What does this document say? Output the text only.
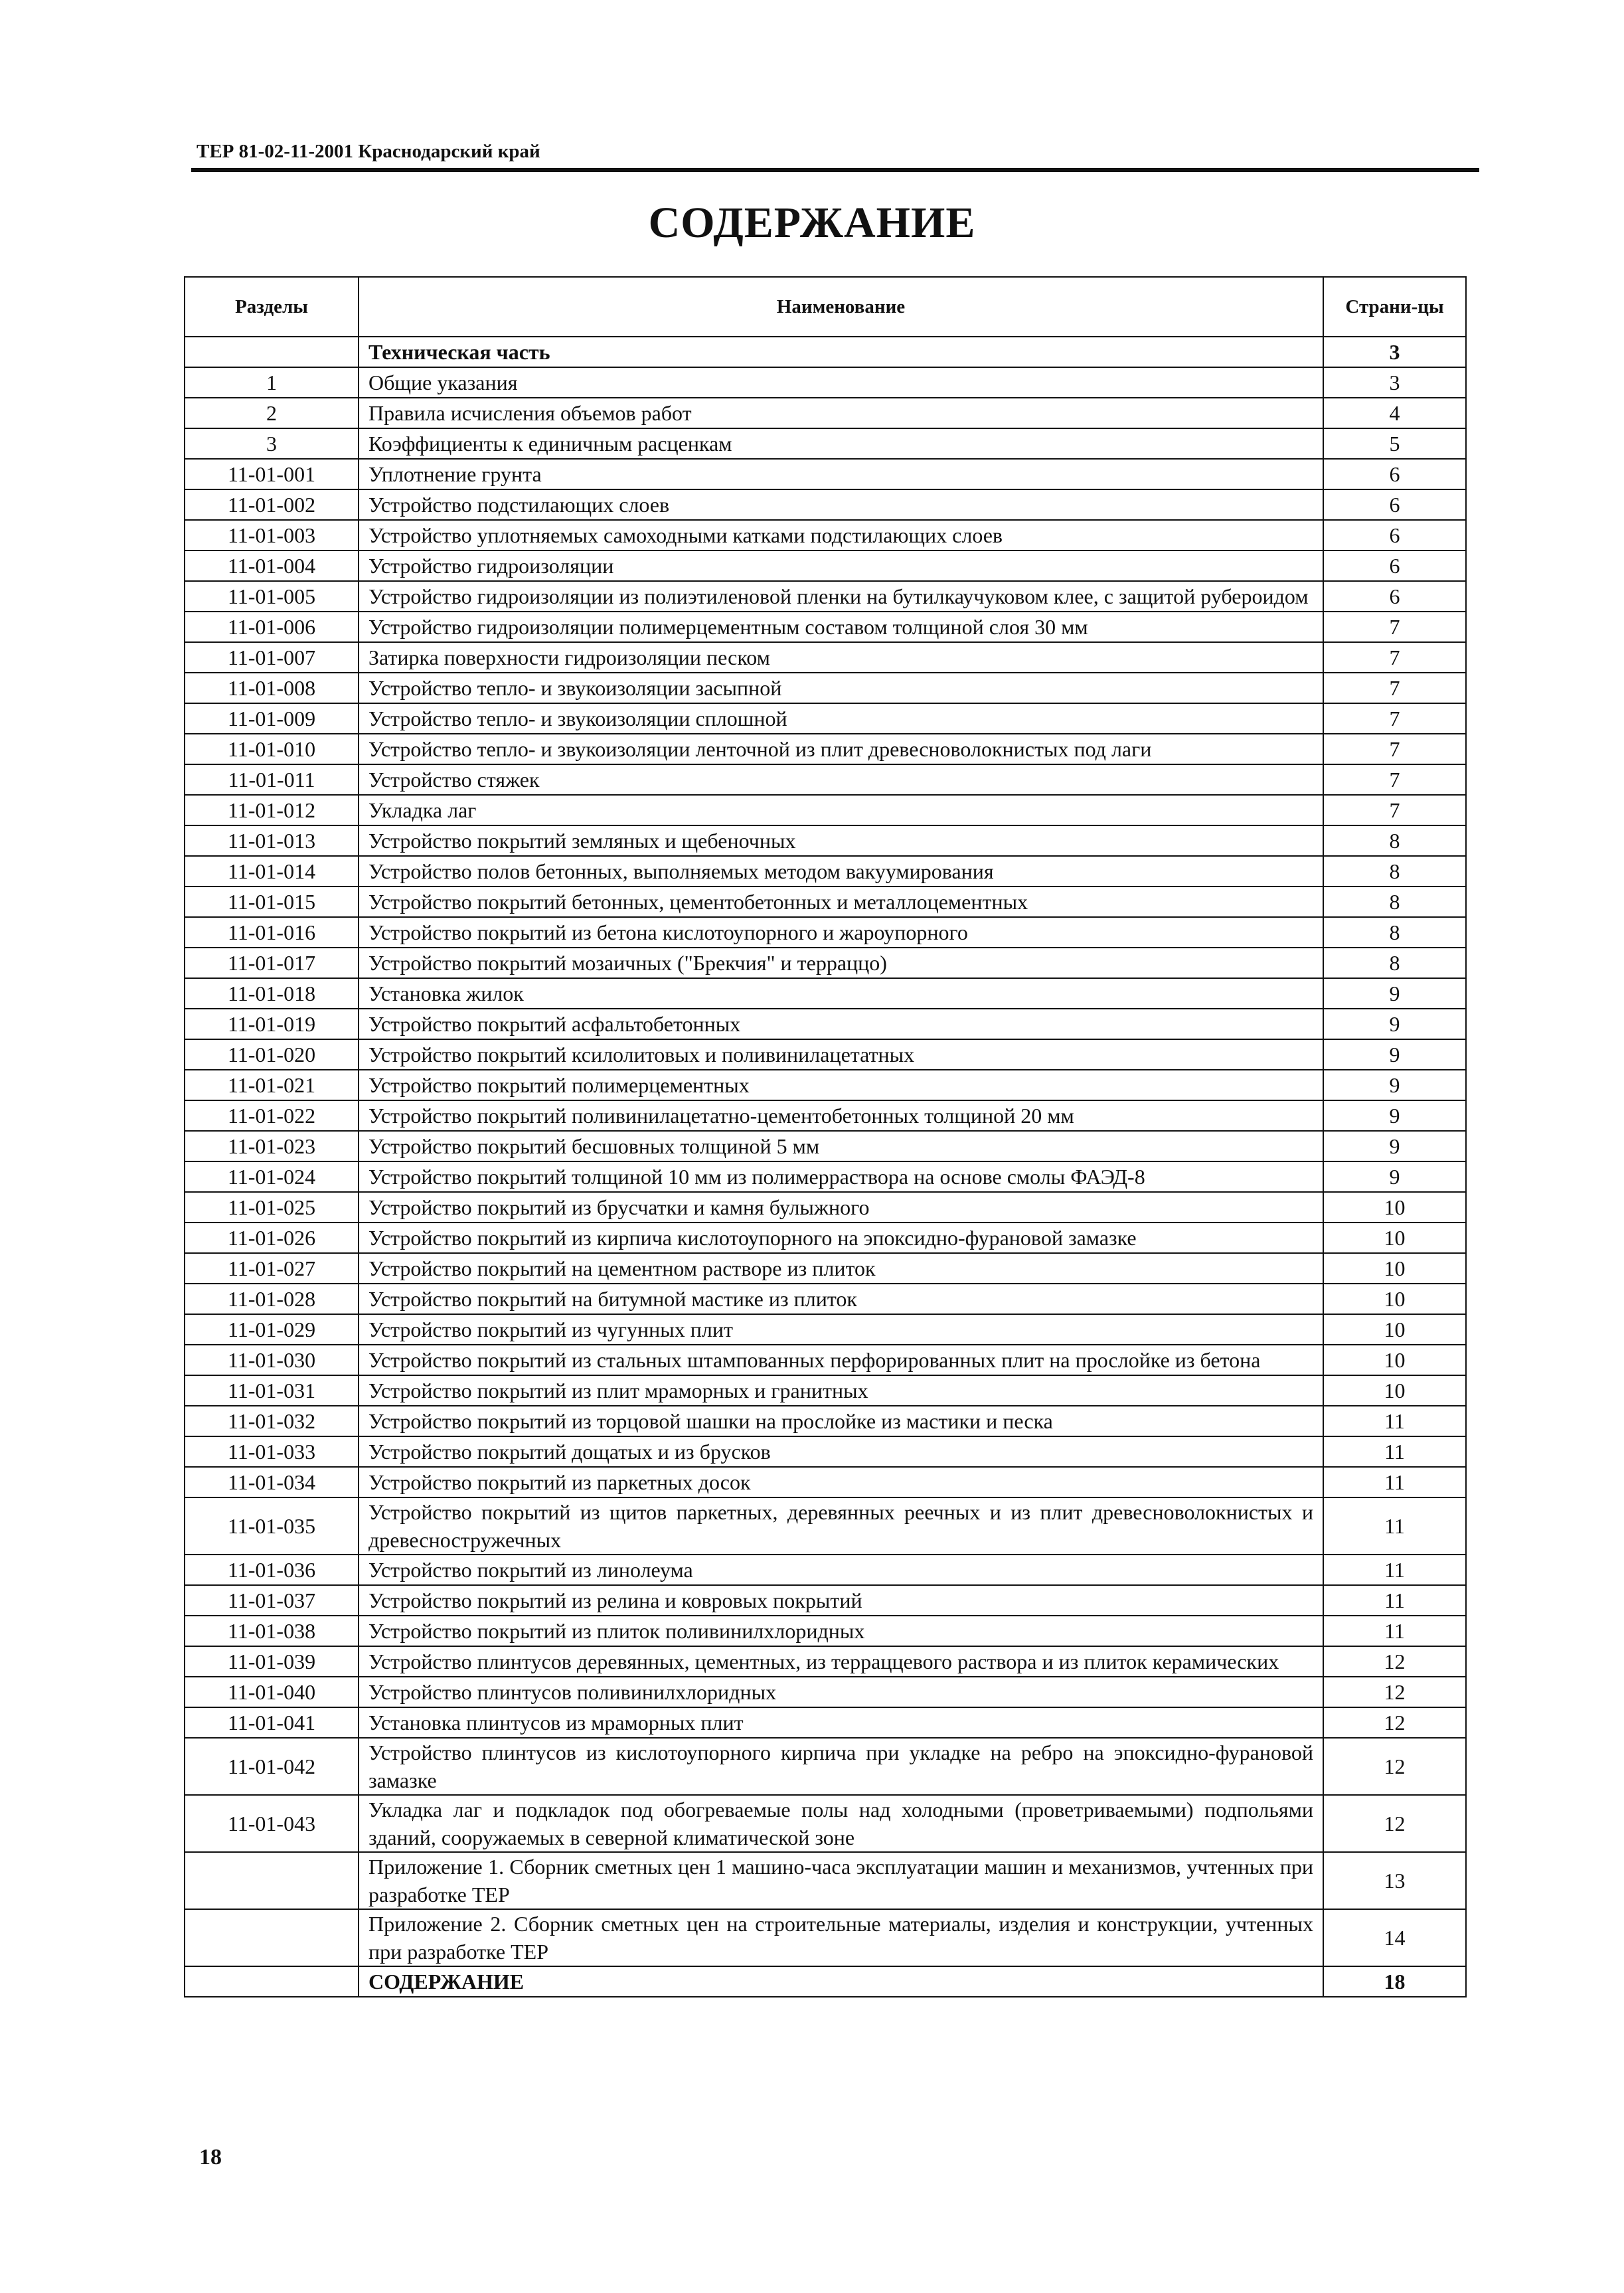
ТЕР 81-02-11-2001 Краснодарский край
СОДЕРЖАНИЕ
Разделы	Наименование	Страни-цы
	Техническая часть	3
1	Общие указания	3
2	Правила исчисления объемов работ	4
3	Коэффициенты к единичным расценкам	5
11-01-001	Уплотнение грунта	6
11-01-002	Устройство подстилающих слоев	6
11-01-003	Устройство уплотняемых самоходными катками подстилающих слоев	6
11-01-004	Устройство гидроизоляции	6
11-01-005	Устройство гидроизоляции из полиэтиленовой пленки на бутилкаучуковом клее, с защитой рубероидом	6
11-01-006	Устройство гидроизоляции полимерцементным составом толщиной слоя 30 мм	7
11-01-007	Затирка поверхности гидроизоляции песком	7
11-01-008	Устройство тепло- и звукоизоляции засыпной	7
11-01-009	Устройство тепло- и звукоизоляции сплошной	7
11-01-010	Устройство тепло- и звукоизоляции ленточной из плит древесноволокнистых под лаги	7
11-01-011	Устройство стяжек	7
11-01-012	Укладка лаг	7
11-01-013	Устройство покрытий земляных и щебеночных	8
11-01-014	Устройство полов бетонных, выполняемых методом вакуумирования	8
11-01-015	Устройство покрытий бетонных, цементобетонных и металлоцементных	8
11-01-016	Устройство покрытий из бетона кислотоупорного и жароупорного	8
11-01-017	Устройство покрытий мозаичных ("Брекчия" и терраццо)	8
11-01-018	Установка жилок	9
11-01-019	Устройство покрытий асфальтобетонных	9
11-01-020	Устройство покрытий ксилолитовых и поливинилацетатных	9
11-01-021	Устройство покрытий полимерцементных	9
11-01-022	Устройство покрытий поливинилацетатно-цементобетонных толщиной 20 мм	9
11-01-023	Устройство покрытий бесшовных толщиной 5 мм	9
11-01-024	Устройство покрытий толщиной 10 мм из полимерраствора на основе смолы ФАЭД-8	9
11-01-025	Устройство покрытий из брусчатки и камня булыжного	10
11-01-026	Устройство покрытий из кирпича кислотоупорного на эпоксидно-фурановой замазке	10
11-01-027	Устройство покрытий на цементном растворе из плиток	10
11-01-028	Устройство покрытий на битумной мастике из плиток	10
11-01-029	Устройство покрытий из чугунных плит	10
11-01-030	Устройство покрытий из стальных штампованных перфорированных плит на прослойке из бетона	10
11-01-031	Устройство покрытий из плит мраморных и гранитных	10
11-01-032	Устройство покрытий из торцовой шашки на прослойке из мастики и песка	11
11-01-033	Устройство покрытий дощатых и из брусков	11
11-01-034	Устройство покрытий из паркетных досок	11
11-01-035	Устройство покрытий из щитов паркетных, деревянных реечных и из плит древесноволокнистых и древесностружечных	11
11-01-036	Устройство покрытий из линолеума	11
11-01-037	Устройство покрытий из релина и ковровых покрытий	11
11-01-038	Устройство покрытий из плиток поливинилхлоридных	11
11-01-039	Устройство плинтусов деревянных, цементных, из терраццевого раствора и из плиток керамических	12
11-01-040	Устройство плинтусов поливинилхлоридных	12
11-01-041	Установка плинтусов из мраморных плит	12
11-01-042	Устройство плинтусов из кислотоупорного кирпича при укладке на ребро на эпоксидно-фурановой замазке	12
11-01-043	Укладка лаг и подкладок под обогреваемые полы над холодными (проветриваемыми) подпольями зданий, сооружаемых в северной климатической зоне	12
	Приложение 1. Сборник сметных цен 1 машино-часа эксплуатации машин и механизмов, учтенных при разработке ТЕР	13
	Приложение 2. Сборник сметных цен на строительные материалы, изделия и конструкции, учтенных при разработке ТЕР	14
	СОДЕРЖАНИЕ	18
18
